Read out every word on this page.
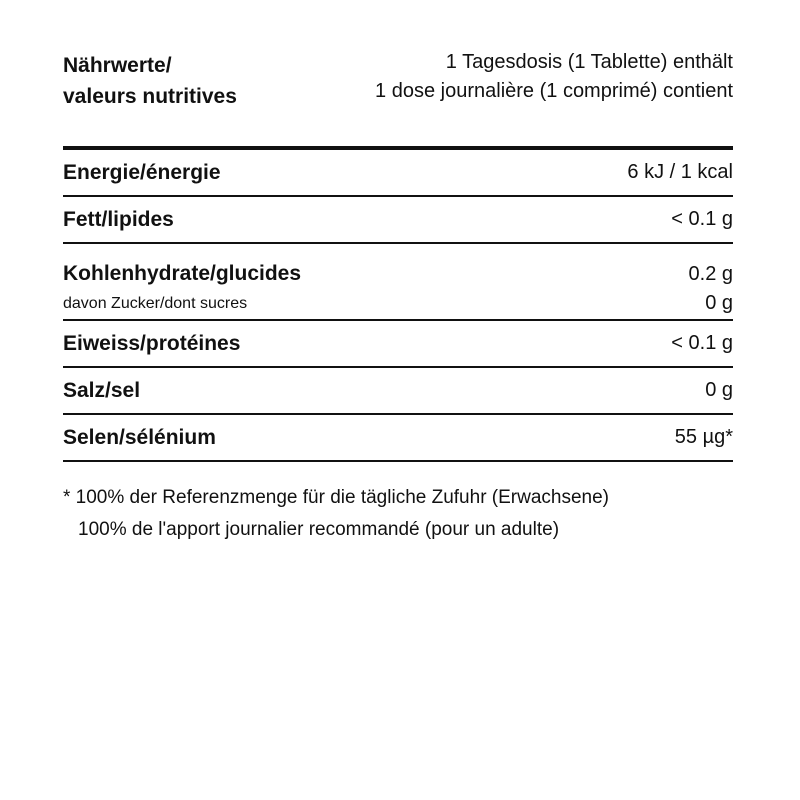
Nährwerte/
valeurs nutritives
1 Tagesdosis (1 Tablette) enthält
1 dose journalière (1 comprimé) contient
Energie/énergie	6 kJ / 1 kcal
Fett/lipides	< 0.1 g
Kohlenhydrate/glucides	0.2 g
davon Zucker/dont sucres	0 g
Eiweiss/protéines	< 0.1 g
Salz/sel	0 g
Selen/sélénium	55 µg*
* 100% der Referenzmenge für die tägliche Zufuhr (Erwachsene)
100% de l'apport journalier recommandé (pour un adulte)
